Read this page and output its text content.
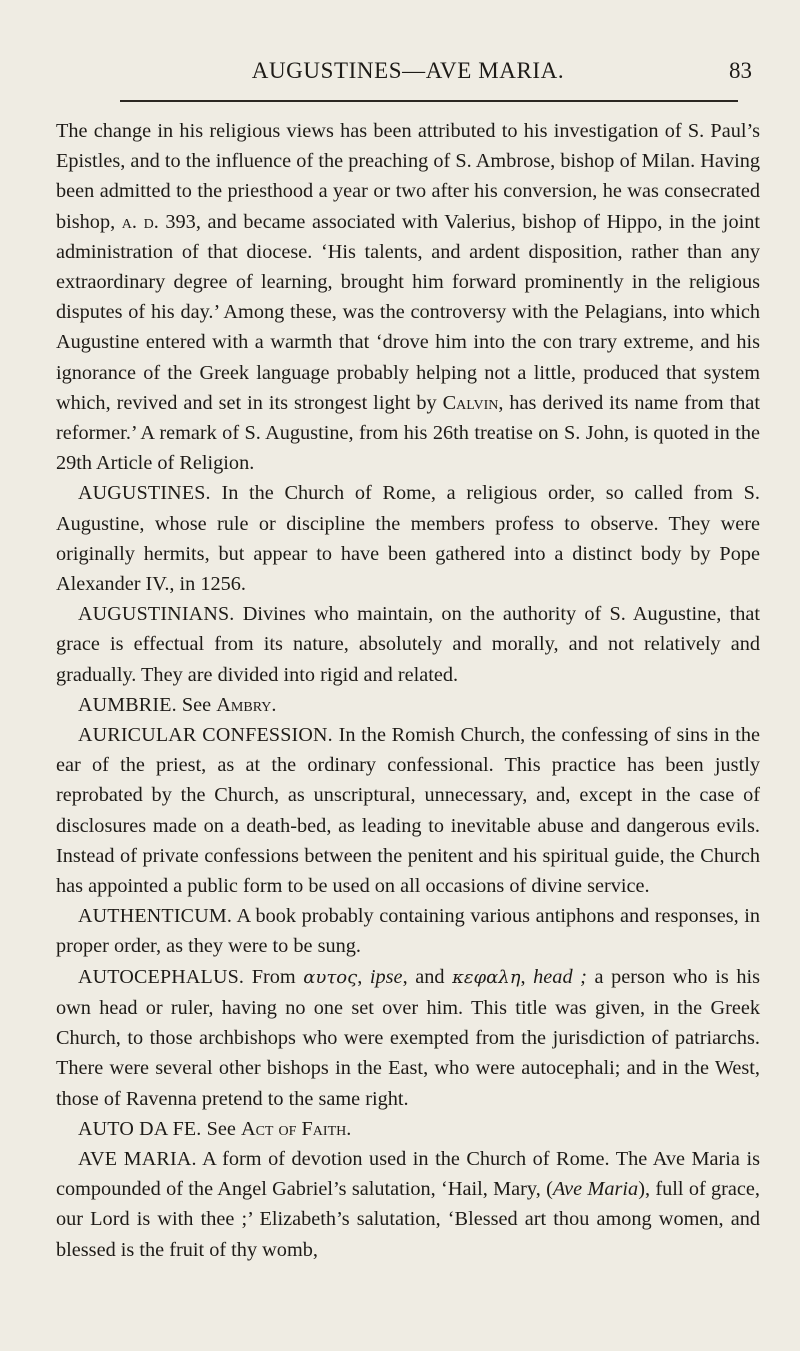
AUGUSTINES—AVE MARIA.	83

The change in his religious views has been attributed to his investigation of S. Paul’s Epistles, and to the influence of the preaching of S. Ambrose, bishop of Milan. Having been admitted to the priesthood a year or two after his conversion, he was consecrated bishop, a. d. 393, and became associated with Valerius, bishop of Hippo, in the joint administration of that diocese. ‘His talents, and ardent disposition, rather than any extraordinary degree of learning, brought him forward prominently in the religious disputes of his day.’ Among these, was the controversy with the Pelagians, into which Augustine entered with a warmth that ‘drove him into the con trary extreme, and his ignorance of the Greek language probably helping not a little, produced that system which, revived and set in its strongest light by Calvin, has derived its name from that reformer.’ A remark of S. Augustine, from his 26th treatise on S. John, is quoted in the 29th Article of Religion.

AUGUSTINES. In the Church of Rome, a religious order, so called from S. Augustine, whose rule or discipline the members profess to observe. They were originally hermits, but appear to have been gathered into a distinct body by Pope Alexander IV., in 1256.

AUGUSTINIANS. Divines who maintain, on the authority of S. Augustine, that grace is effectual from its nature, absolutely and morally, and not relatively and gradually. They are divided into rigid and related.

AUMBRIE. See Ambry.

AURICULAR CONFESSION. In the Romish Church, the confessing of sins in the ear of the priest, as at the ordinary confessional. This practice has been justly reprobated by the Church, as unscriptural, unnecessary, and, except in the case of disclosures made on a death-bed, as leading to inevitable abuse and dangerous evils. Instead of private confessions between the penitent and his spiritual guide, the Church has appointed a public form to be used on all occasions of divine service.

AUTHENTICUM. A book probably containing various antiphons and responses, in proper order, as they were to be sung.

AUTOCEPHALUS. From αυτος, ipse, and κεφαλη, head ; a person who is his own head or ruler, having no one set over him. This title was given, in the Greek Church, to those archbishops who were exempted from the jurisdiction of patriarchs. There were several other bishops in the East, who were autocephali; and in the West, those of Ravenna pretend to the same right.

AUTO DA FE. See Act of Faith.

AVE MARIA. A form of devotion used in the Church of Rome. The Ave Maria is compounded of the Angel Gabriel’s salutation, ‘Hail, Mary, (Ave Maria), full of grace, our Lord is with thee ;’ Elizabeth’s salutation, ‘Blessed art thou among women, and blessed is the fruit of thy womb,
